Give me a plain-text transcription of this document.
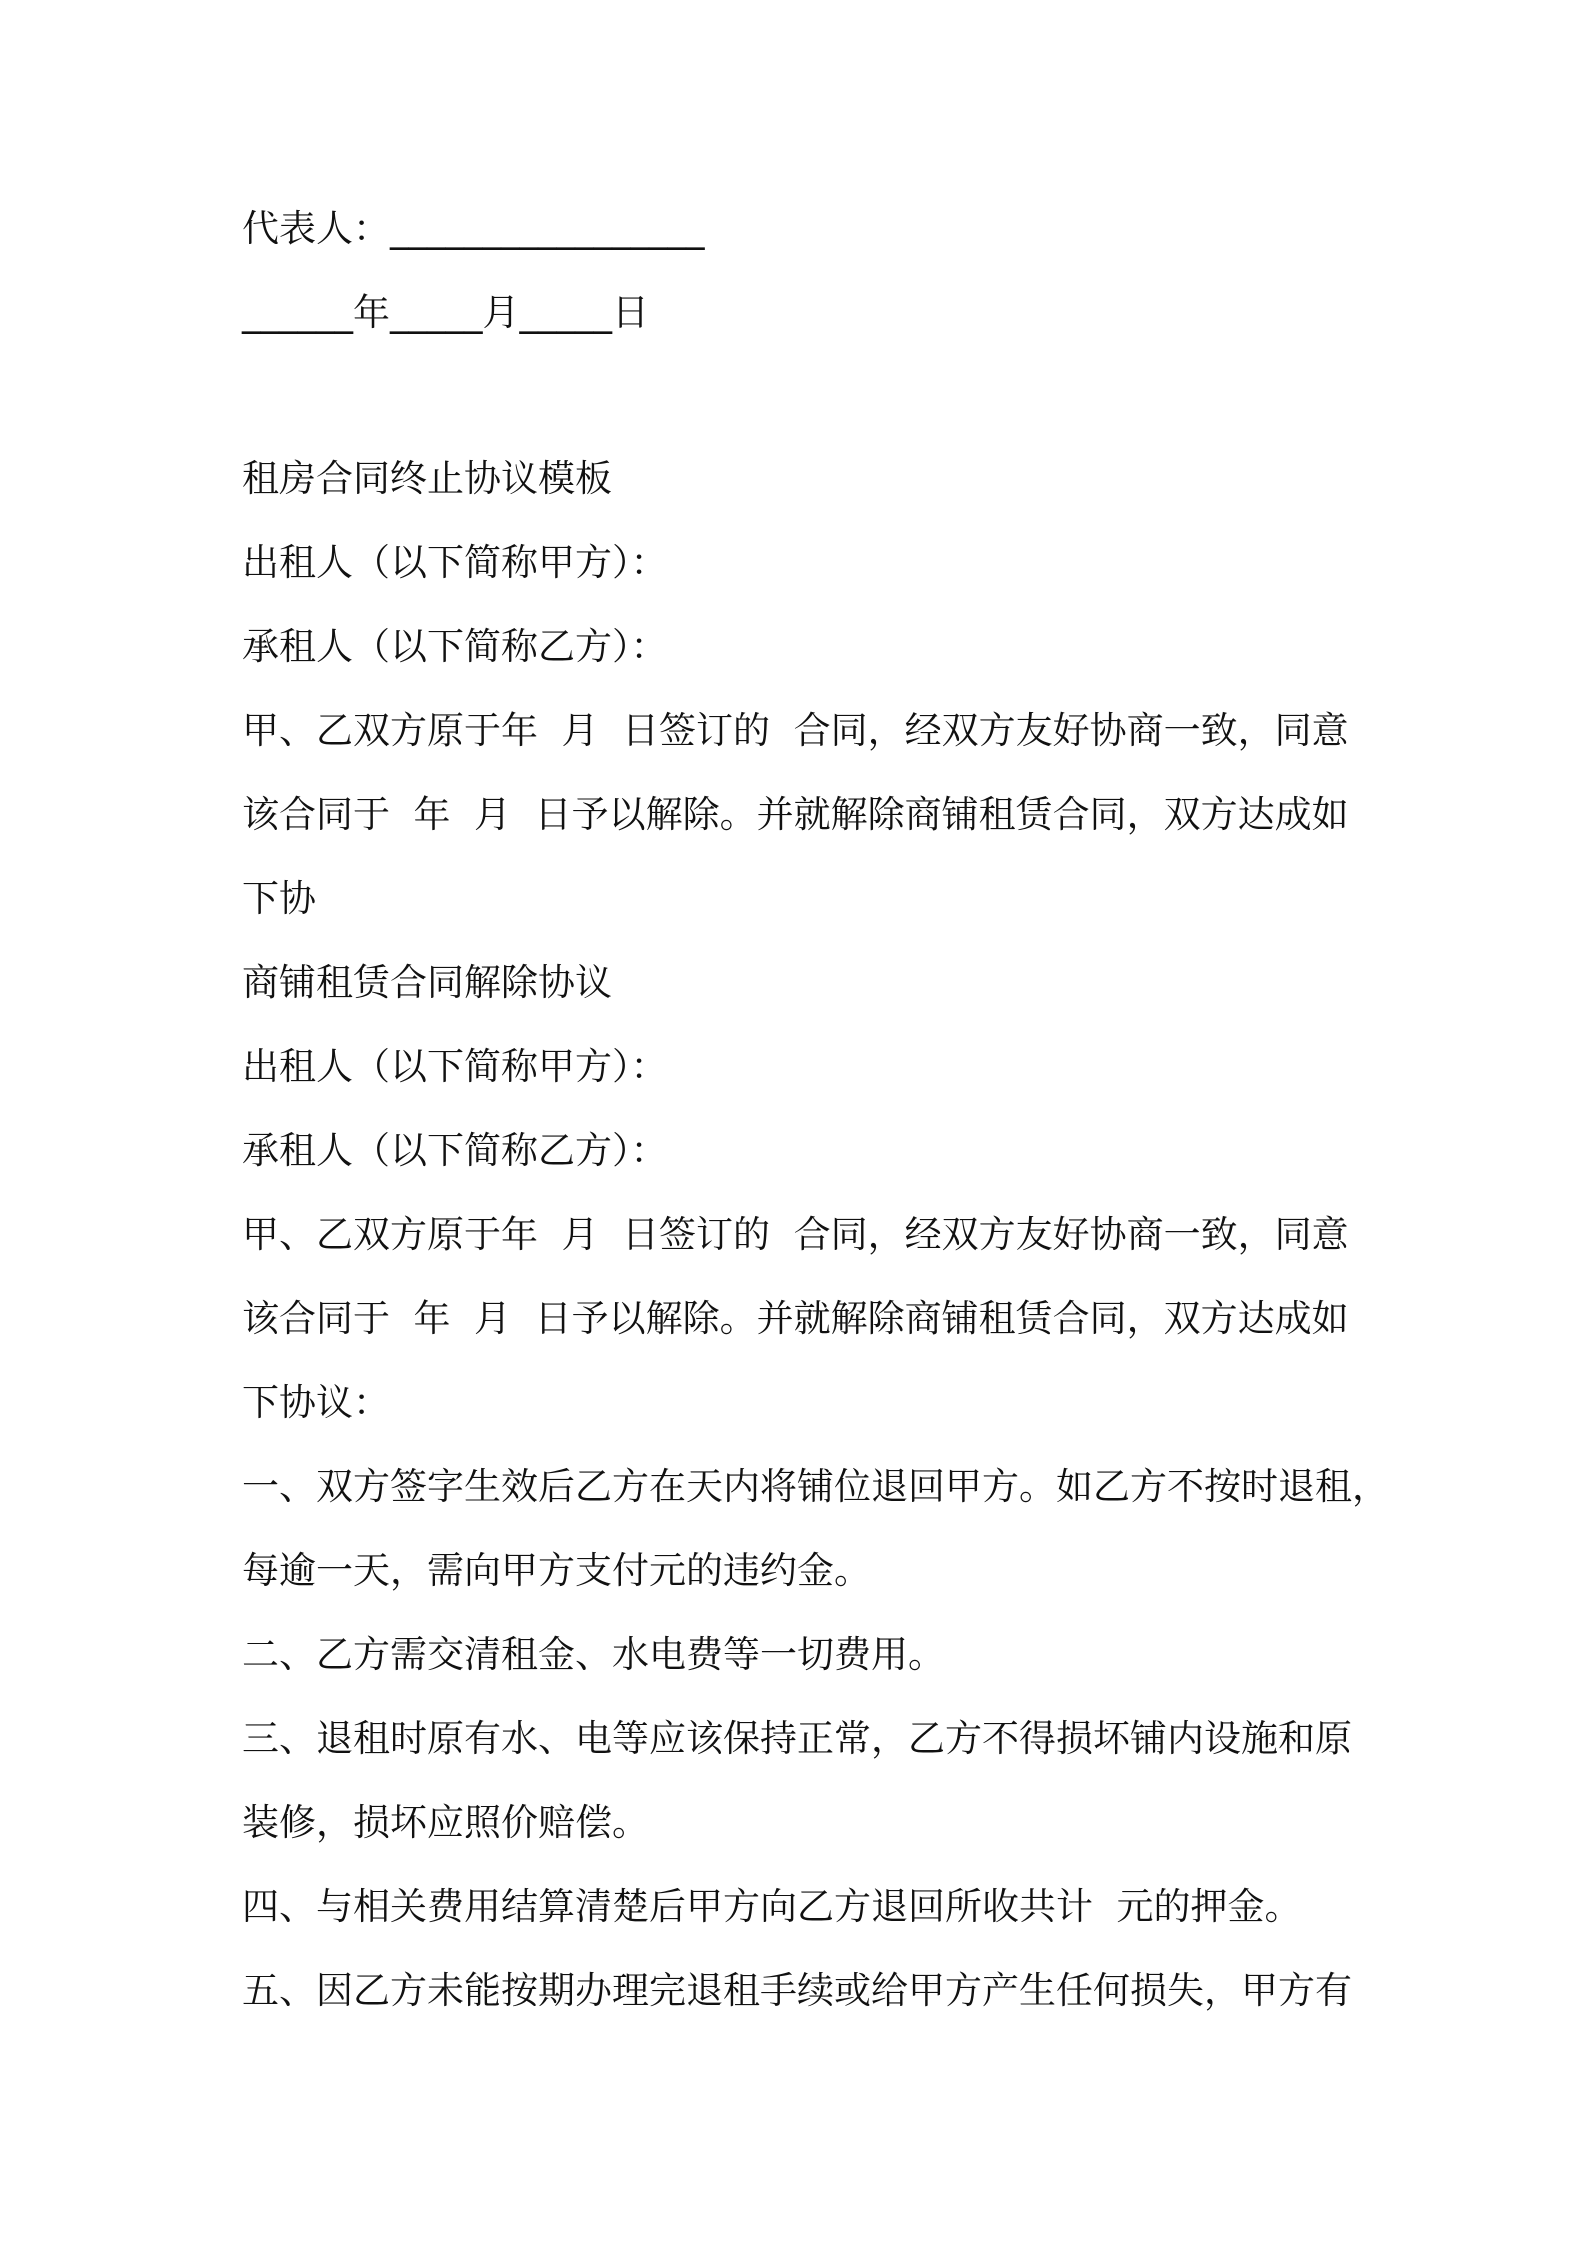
代表人：_________________
______年_____月_____日
租房合同终止协议模板
出租人（以下简称甲方）：
承租人（以下简称乙方）：
甲、乙双方原于年  月  日签订的  合同，经双方友好协商一致，同意
该合同于  年  月  日予以解除。并就解除商铺租赁合同，双方达成如
下协
商铺租赁合同解除协议
出租人（以下简称甲方）：
承租人（以下简称乙方）：
甲、乙双方原于年  月  日签订的  合同，经双方友好协商一致，同意
该合同于  年  月  日予以解除。并就解除商铺租赁合同，双方达成如
下协议：
一、双方签字生效后乙方在天内将铺位退回甲方。如乙方不按时退租，
每逾一天，需向甲方支付元的违约金。
二、乙方需交清租金、水电费等一切费用。
三、退租时原有水、电等应该保持正常，乙方不得损坏铺内设施和原
装修，损坏应照价赔偿。
四、与相关费用结算清楚后甲方向乙方退回所收共计  元的押金。
五、因乙方未能按期办理完退租手续或给甲方产生任何损失，甲方有
